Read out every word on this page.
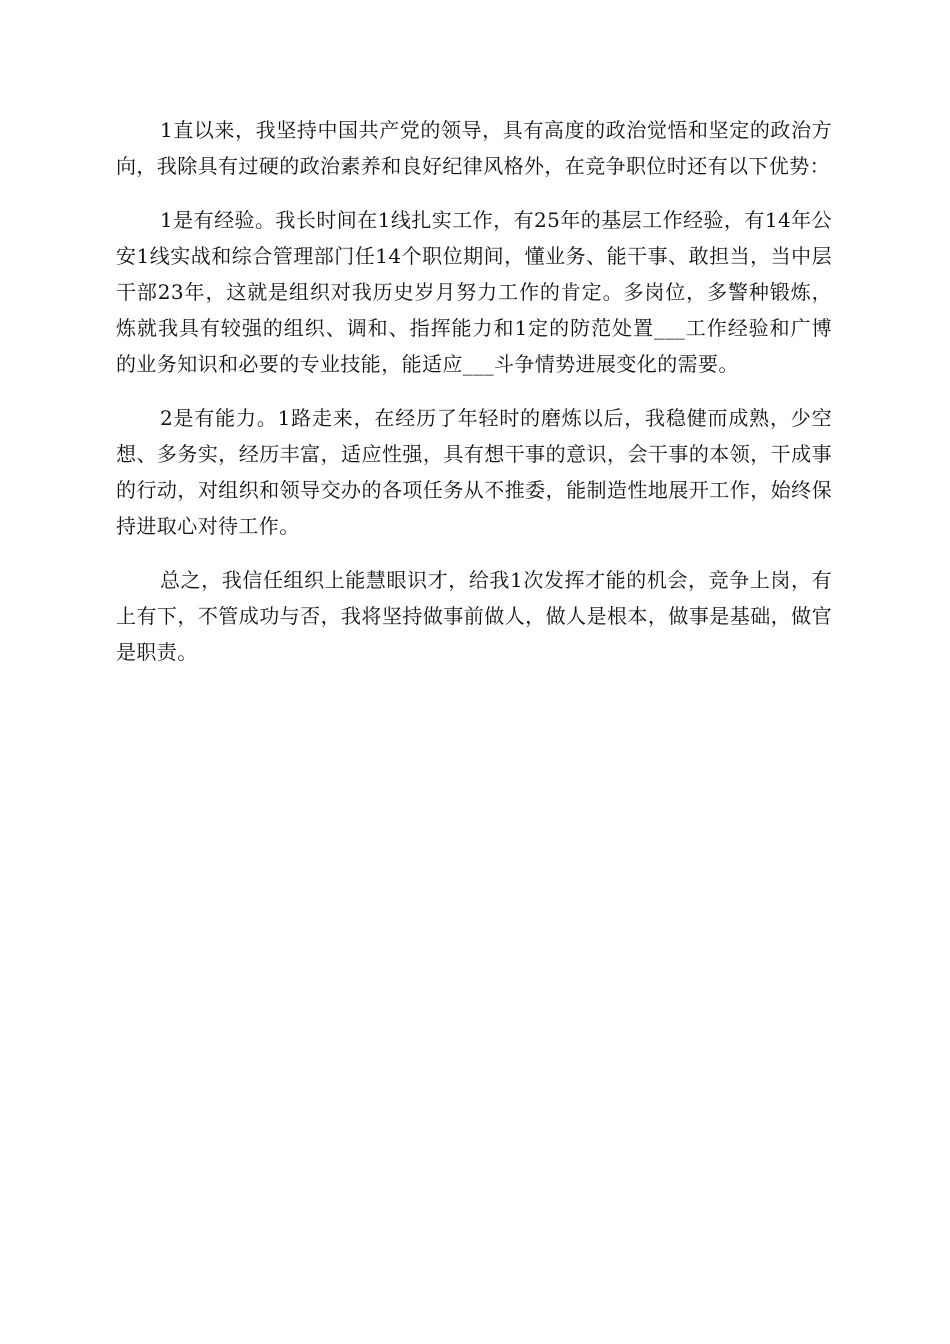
1直以来，我坚持中国共产党的领导，具有高度的政治觉悟和坚定的政治方向，我除具有过硬的政治素养和良好纪律风格外，在竞争职位时还有以下优势：

1是有经验。我长时间在1线扎实工作，有25年的基层工作经验，有14年公安1线实战和综合管理部门任14个职位期间，懂业务、能干事、敢担当，当中层干部23年，这就是组织对我历史岁月努力工作的肯定。多岗位，多警种锻炼，炼就我具有较强的组织、调和、指挥能力和1定的防范处置___工作经验和广博的业务知识和必要的专业技能，能适应___斗争情势进展变化的需要。

2是有能力。1路走来，在经历了年轻时的磨炼以后，我稳健而成熟，少空想、多务实，经历丰富，适应性强，具有想干事的意识，会干事的本领，干成事的行动，对组织和领导交办的各项任务从不推委，能制造性地展开工作，始终保持进取心对待工作。

总之，我信任组织上能慧眼识才，给我1次发挥才能的机会，竞争上岗，有上有下，不管成功与否，我将坚持做事前做人，做人是根本，做事是基础，做官是职责。
